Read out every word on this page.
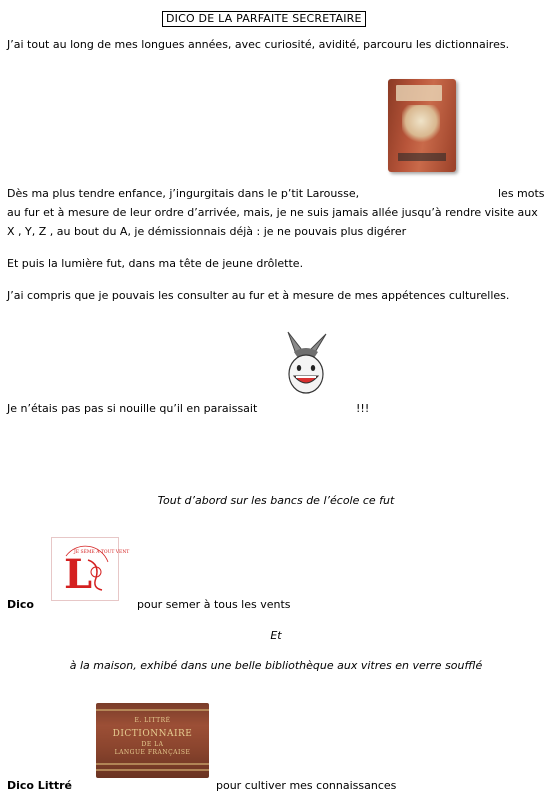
DICO DE LA PARFAITE SECRETAIRE
J’ai tout au long de mes longues années, avec curiosité, avidité, parcouru les dictionnaires.
Dès ma plus tendre enfance, j’ingurgitais dans le p’tit Larousse,	les mots
au fur et à mesure de leur ordre d’arrivée, mais, je ne suis jamais allée jusqu’à rendre visite aux
X , Y, Z , au bout du A, je démissionnais déjà : je ne pouvais plus digérer
Et puis la lumière fut, dans ma tête de jeune drôlette.
J’ai compris que je pouvais les consulter au fur et à mesure de mes appétences culturelles.
Je n’étais pas pas si nouille qu’il en paraissait	!!!
Tout d’abord sur les bancs de l’école ce fut
JE SÈME À TOUT VENT
L
Dico	pour semer à tous les vents
Et
à la maison, exhibé dans une belle bibliothèque aux vitres en verre soufflé
E. LITTRÉ
DICTIONNAIRE
DE LA
LANGUE FRANÇAISE
Dico Littré	pour cultiver mes connaissances
